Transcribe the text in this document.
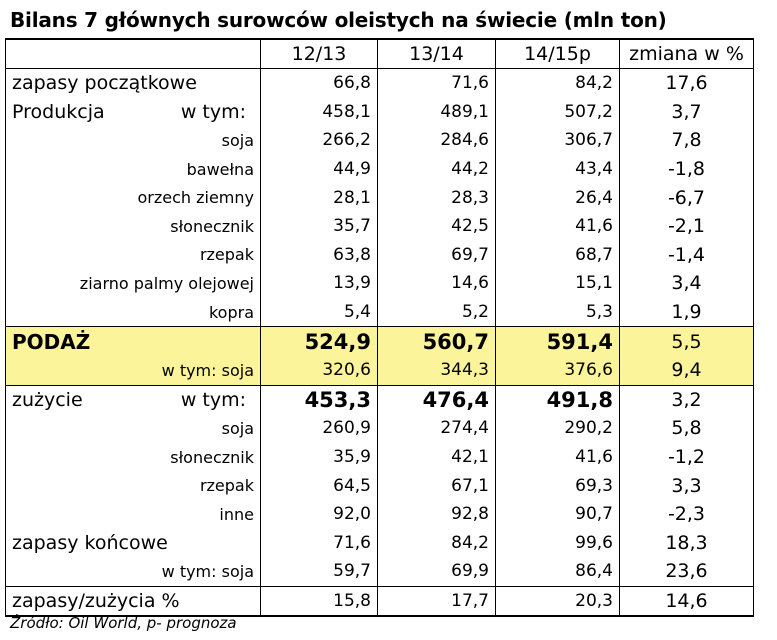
Bilans 7 głównych surowców oleistych na świecie (mln ton)
	12/13	13/14	14/15p	zmiana w %
zapasy początkowe	66,8	71,6	84,2	17,6

Produkcja w tym:	458,1	489,1	507,2	3,7
soja	266,2	284,6	306,7	7,8
bawełna	44,9	44,2	43,4	-1,8
orzech ziemny	28,1	28,3	26,4	-6,7
słonecznik	35,7	42,5	41,6	-2,1
rzepak	63,8	69,7	68,7	-1,4
ziarno palmy olejowej	13,9	14,6	15,1	3,4
kopra	5,4	5,2	5,3	1,9
PODAŻ	524,9	560,7	591,4	5,5
w tym: soja	320,6	344,3	376,6	9,4

zużycie w tym:	453,3	476,4	491,8	3,2
soja	260,9	274,4	290,2	5,8
słonecznik	35,9	42,1	41,6	-1,2
rzepak	64,5	67,1	69,3	3,3
inne	92,0	92,8	90,7	-2,3
zapasy końcowe	71,6	84,2	99,6	18,3
w tym: soja	59,7	69,9	86,4	23,6
zapasy/zużycia %	15,8	17,7	20,3	14,6
Źródło: Oil World, p- prognoza
